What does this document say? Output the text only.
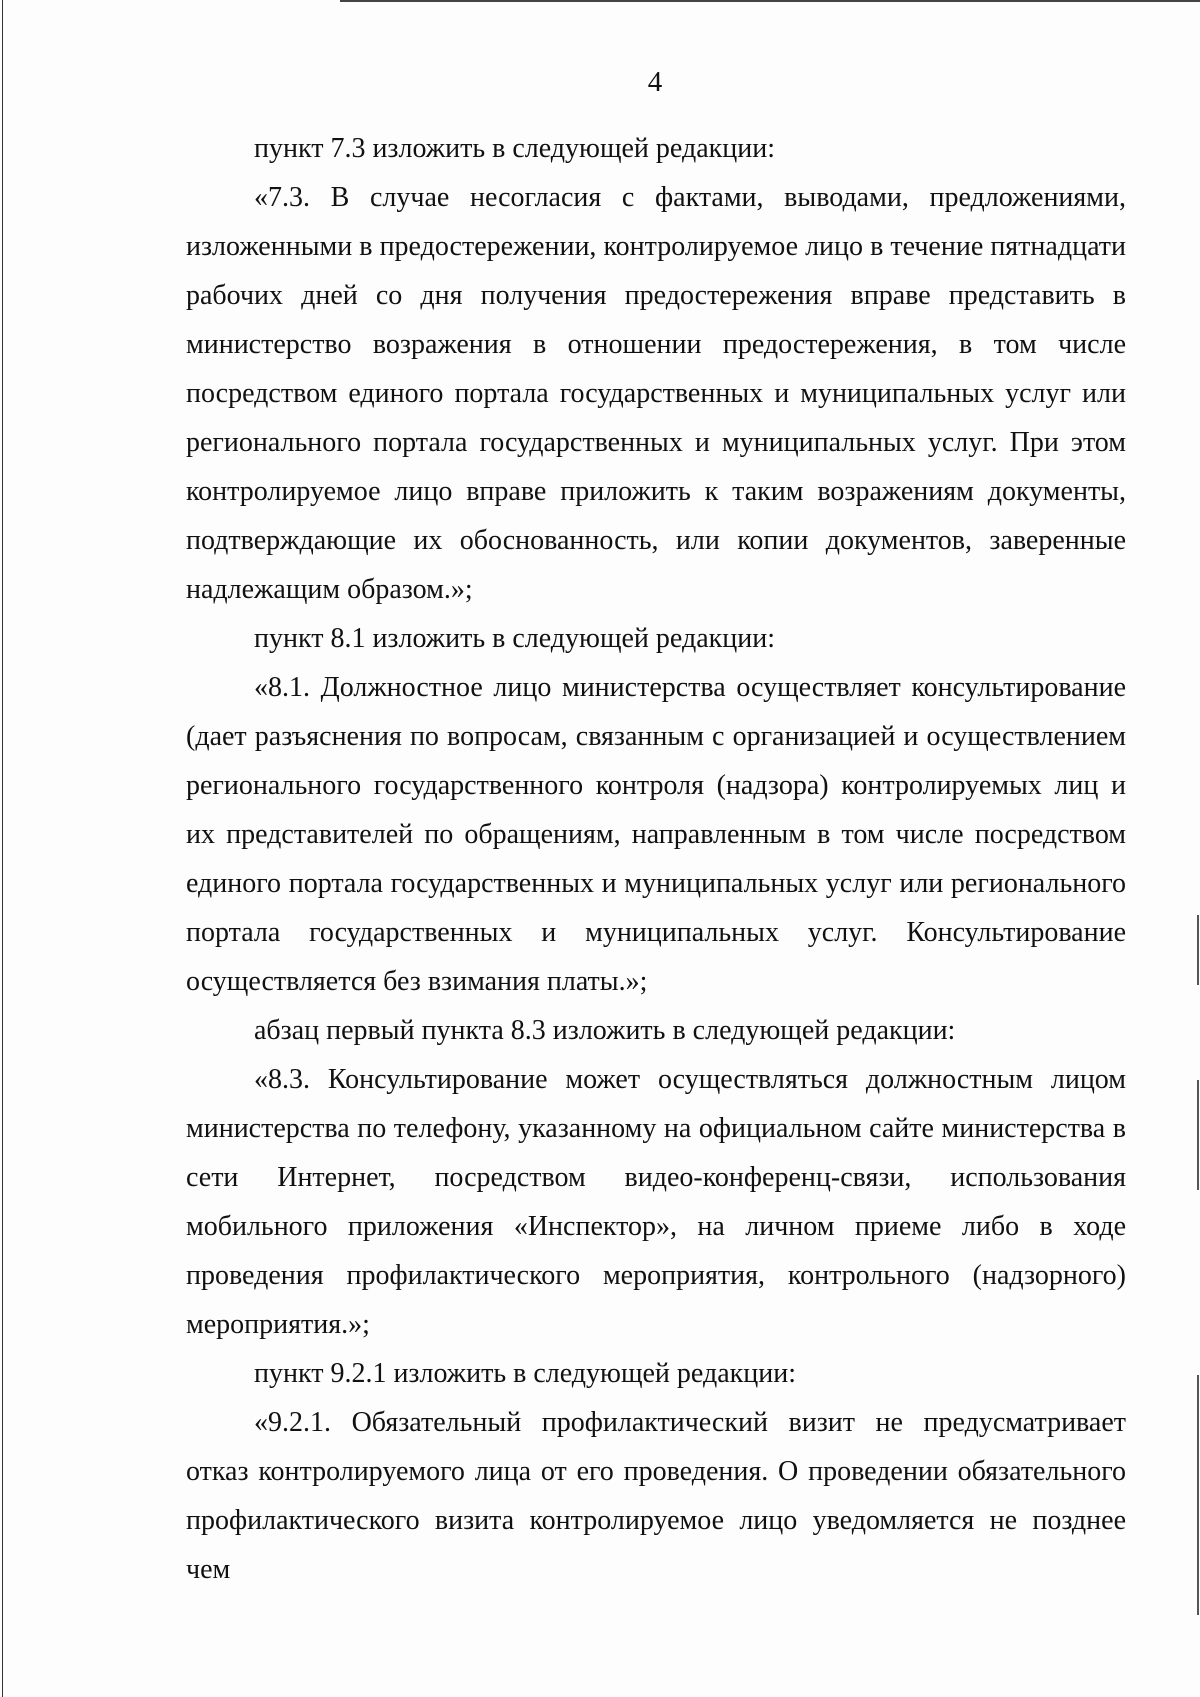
4

пункт 7.3 изложить в следующей редакции:

«7.3. В случае несогласия с фактами, выводами, предложениями, изложенными в предостережении, контролируемое лицо в течение пятнадцати рабочих дней со дня получения предостережения вправе представить в министерство возражения в отношении предостережения, в том числе посредством единого портала государственных и муниципальных услуг или регионального портала государственных и муниципальных услуг. При этом контролируемое лицо вправе приложить к таким возражениям документы, подтверждающие их обоснованность, или копии документов, заверенные надлежащим образом.»;

пункт 8.1 изложить в следующей редакции:

«8.1. Должностное лицо министерства осуществляет консультирование (дает разъяснения по вопросам, связанным с организацией и осуществлением регионального государственного контроля (надзора) контролируемых лиц и их представителей по обращениям, направленным в том числе посредством единого портала государственных и муниципальных услуг или регионального портала государственных и муниципальных услуг. Консультирование осуществляется без взимания платы.»;

абзац первый пункта 8.3 изложить в следующей редакции:

«8.3. Консультирование может осуществляться должностным лицом министерства по телефону, указанному на официальном сайте министерства в сети Интернет, посредством видео-конференц-связи, использования мобильного приложения «Инспектор», на личном приеме либо в ходе проведения профилактического мероприятия, контрольного (надзорного) мероприятия.»;

пункт 9.2.1 изложить в следующей редакции:

«9.2.1. Обязательный профилактический визит не предусматривает отказ контролируемого лица от его проведения. О проведении обязательного профилактического визита контролируемое лицо уведомляется не позднее чем
